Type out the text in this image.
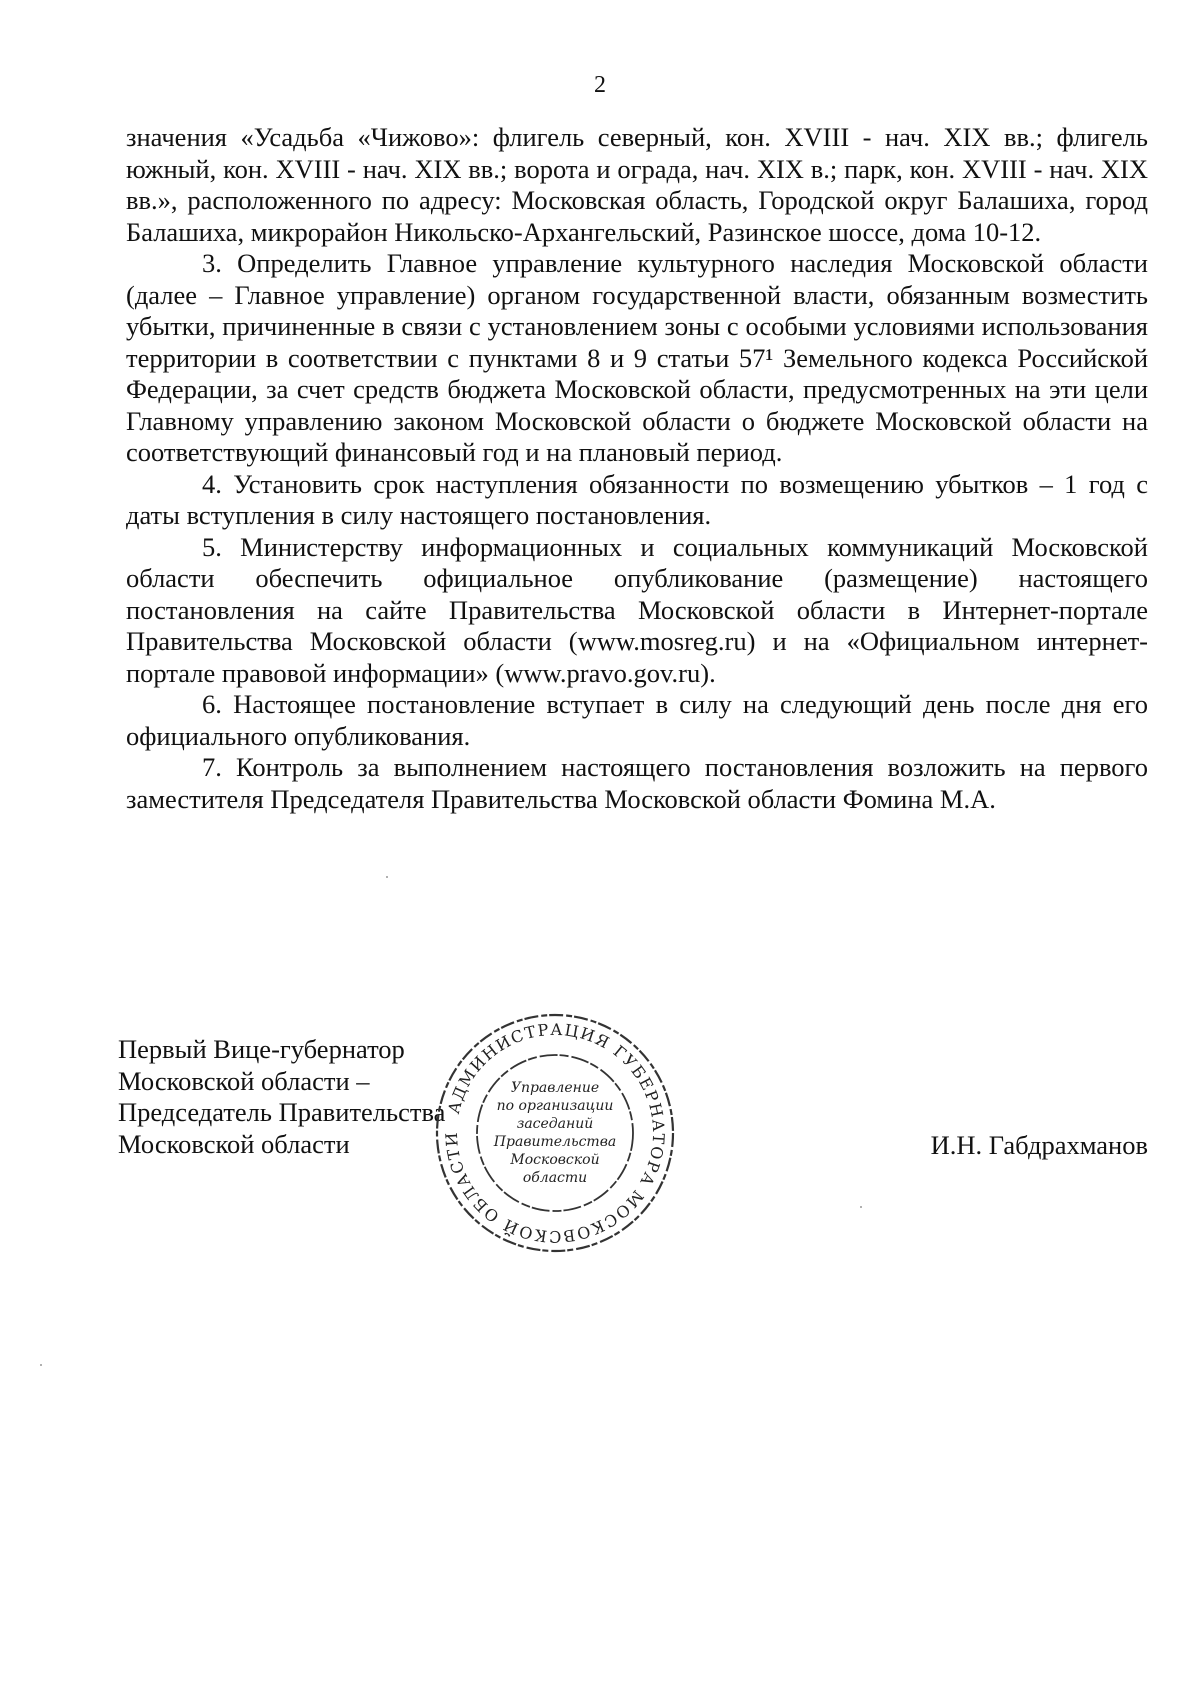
2

значения «Усадьба «Чижово»: флигель северный, кон. XVIII - нач. XIX вв.; флигель южный, кон. XVIII - нач. XIX вв.; ворота и ограда, нач. XIX в.; парк, кон. XVIII - нач. XIX вв.», расположенного по адресу: Московская область, Городской округ Балашиха, город Балашиха, микрорайон Никольско-Архангельский, Разинское шоссе, дома 10-12.

3. Определить Главное управление культурного наследия Московской области (далее – Главное управление) органом государственной власти, обязанным возместить убытки, причиненные в связи с установлением зоны с особыми условиями использования территории в соответствии с пунктами 8 и 9 статьи 57¹ Земельного кодекса Российской Федерации, за счет средств бюджета Московской области, предусмотренных на эти цели Главному управлению законом Московской области о бюджете Московской области на соответствующий финансовый год и на плановый период.

4. Установить срок наступления обязанности по возмещению убытков – 1 год с даты вступления в силу настоящего постановления.

5. Министерству информационных и социальных коммуникаций Московской области обеспечить официальное опубликование (размещение) настоящего постановления на сайте Правительства Московской области в Интернет-портале Правительства Московской области (www.mosreg.ru) и на «Официальном интернет-портале правовой информации» (www.pravo.gov.ru).

6. Настоящее постановление вступает в силу на следующий день после дня его официального опубликования.

7. Контроль за выполнением настоящего постановления возложить на первого заместителя Председателя Правительства Московской области Фомина М.А.

Первый Вице-губернатор
Московской области –
Председатель Правительства
Московской области
АДМИНИСТРАЦИЯ ГУБЕРНАТОРА МОСКОВСКОЙ ОБЛАСТИ
Управление
по организации
заседаний
Правительства
Московской
области
И.Н. Габдрахманов
